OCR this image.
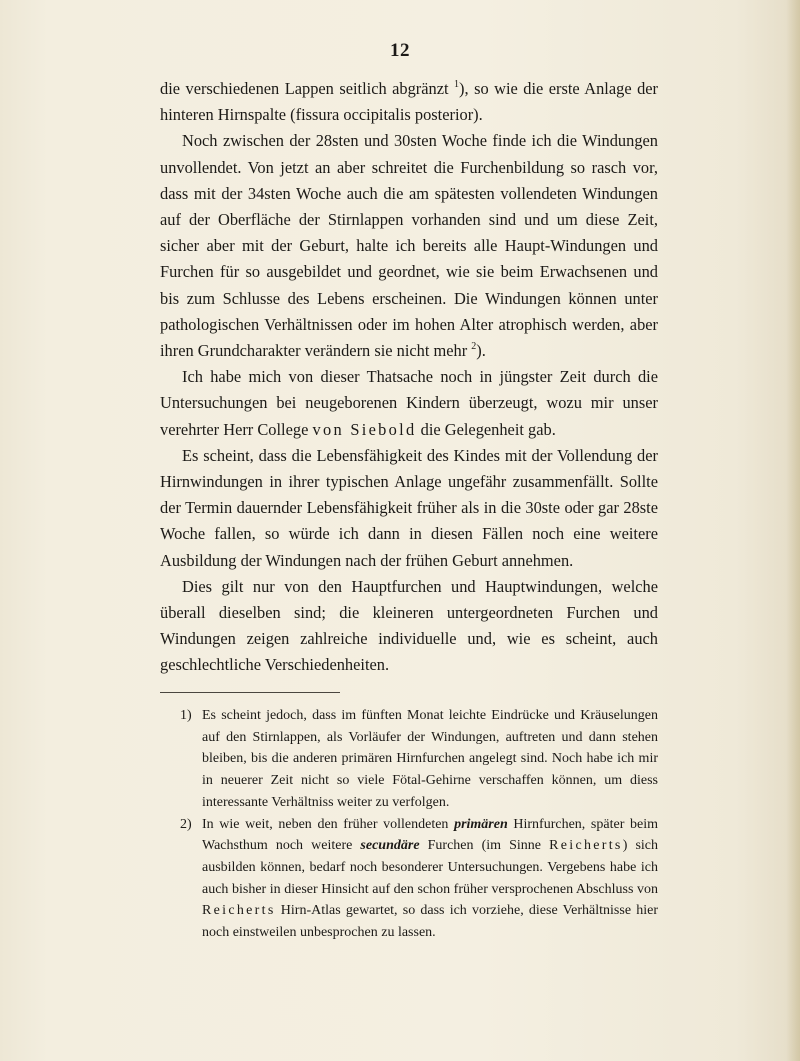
12

die verschiedenen Lappen seitlich abgränzt $^1$), so wie die erste Anlage der hinteren Hirnspalte (fissura occipitalis posterior).

Noch zwischen der 28sten und 30sten Woche finde ich die Windungen unvollendet. Von jetzt an aber schreitet die Furchenbildung so rasch vor, dass mit der 34sten Woche auch die am spätesten vollendeten Windungen auf der Oberfläche der Stirnlappen vorhanden sind und um diese Zeit, sicher aber mit der Geburt, halte ich bereits alle Haupt-Windungen und Furchen für so ausgebildet und geordnet, wie sie beim Erwachsenen und bis zum Schlusse des Lebens erscheinen. Die Windungen können unter pathologischen Verhältnissen oder im hohen Alter atrophisch werden, aber ihren Grundcharakter verändern sie nicht mehr $^2$).

Ich habe mich von dieser Thatsache noch in jüngster Zeit durch die Untersuchungen bei neugeborenen Kindern überzeugt, wozu mir unser verehrter Herr College von Siebold die Gelegenheit gab.

Es scheint, dass die Lebensfähigkeit des Kindes mit der Vollendung der Hirnwindungen in ihrer typischen Anlage ungefähr zusammenfällt. Sollte der Termin dauernder Lebensfähigkeit früher als in die 30ste oder gar 28ste Woche fallen, so würde ich dann in diesen Fällen noch eine weitere Ausbildung der Windungen nach der frühen Geburt annehmen.

Dies gilt nur von den Hauptfurchen und Hauptwindungen, welche überall dieselben sind; die kleineren untergeordneten Furchen und Windungen zeigen zahlreiche individuelle und, wie es scheint, auch geschlechtliche Verschiedenheiten.

1) Es scheint jedoch, dass im fünften Monat leichte Eindrücke und Kräuselungen auf den Stirnlappen, als Vorläufer der Windungen, auftreten und dann stehen bleiben, bis die anderen primären Hirnfurchen angelegt sind. Noch habe ich mir in neuerer Zeit nicht so viele Fötal-Gehirne verschaffen können, um diess interessante Verhältniss weiter zu verfolgen.

2) In wie weit, neben den früher vollendeten primären Hirnfurchen, später beim Wachsthum noch weitere secundäre Furchen (im Sinne Reicherts) sich ausbilden können, bedarf noch besonderer Untersuchungen. Vergebens habe ich auch bisher in dieser Hinsicht auf den schon früher versprochenen Abschluss von Reicherts Hirn-Atlas gewartet, so dass ich vorziehe, diese Verhältnisse hier noch einstweilen unbesprochen zu lassen.
